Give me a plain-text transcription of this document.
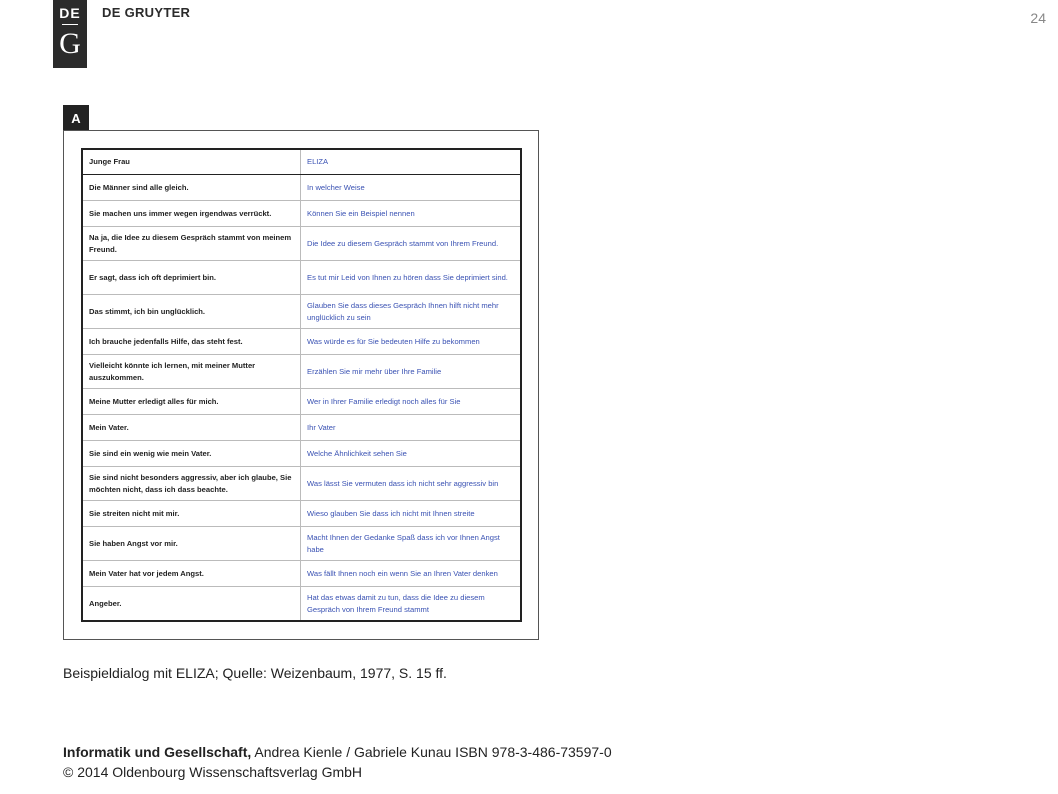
DE
G
DE GRUYTER	24
A
Junge Frau	ELIZA
Die Männer sind alle gleich.	In welcher Weise
Sie machen uns immer wegen irgendwas verrückt.	Können Sie ein Beispiel nennen
Na ja, die Idee zu diesem Gespräch stammt von meinem Freund.	Die Idee zu diesem Gespräch stammt von Ihrem Freund.
Er sagt, dass ich oft deprimiert bin.	Es tut mir Leid von Ihnen zu hören dass Sie deprimiert sind.
Das stimmt, ich bin unglücklich.	Glauben Sie dass dieses Gespräch Ihnen hilft nicht mehr unglücklich zu sein
Ich brauche jedenfalls Hilfe, das steht fest.	Was würde es für Sie bedeuten Hilfe zu bekommen
Vielleicht könnte ich lernen, mit meiner Mutter auszukommen.	Erzählen Sie mir mehr über Ihre Familie
Meine Mutter erledigt alles für mich.	Wer in Ihrer Familie erledigt noch alles für Sie
Mein Vater.	Ihr Vater
Sie sind ein wenig wie mein Vater.	Welche Ähnlichkeit sehen Sie
Sie sind nicht besonders aggressiv, aber ich glaube, Sie möchten nicht, dass ich dass beachte.	Was lässt Sie vermuten dass ich nicht sehr aggressiv bin
Sie streiten nicht mit mir.	Wieso glauben Sie dass ich nicht mit Ihnen streite
Sie haben Angst vor mir.	Macht Ihnen der Gedanke Spaß dass ich vor Ihnen Angst habe
Mein Vater hat vor jedem Angst.	Was fällt Ihnen noch ein wenn Sie an Ihren Vater denken
Angeber.	Hat das etwas damit zu tun, dass die Idee zu diesem Gespräch von Ihrem Freund stammt
Beispieldialog mit ELIZA; Quelle: Weizenbaum, 1977, S. 15 ff.
Informatik und Gesellschaft, Andrea Kienle / Gabriele Kunau ISBN 978-3-486-73597-0
© 2014 Oldenbourg Wissenschaftsverlag GmbH
